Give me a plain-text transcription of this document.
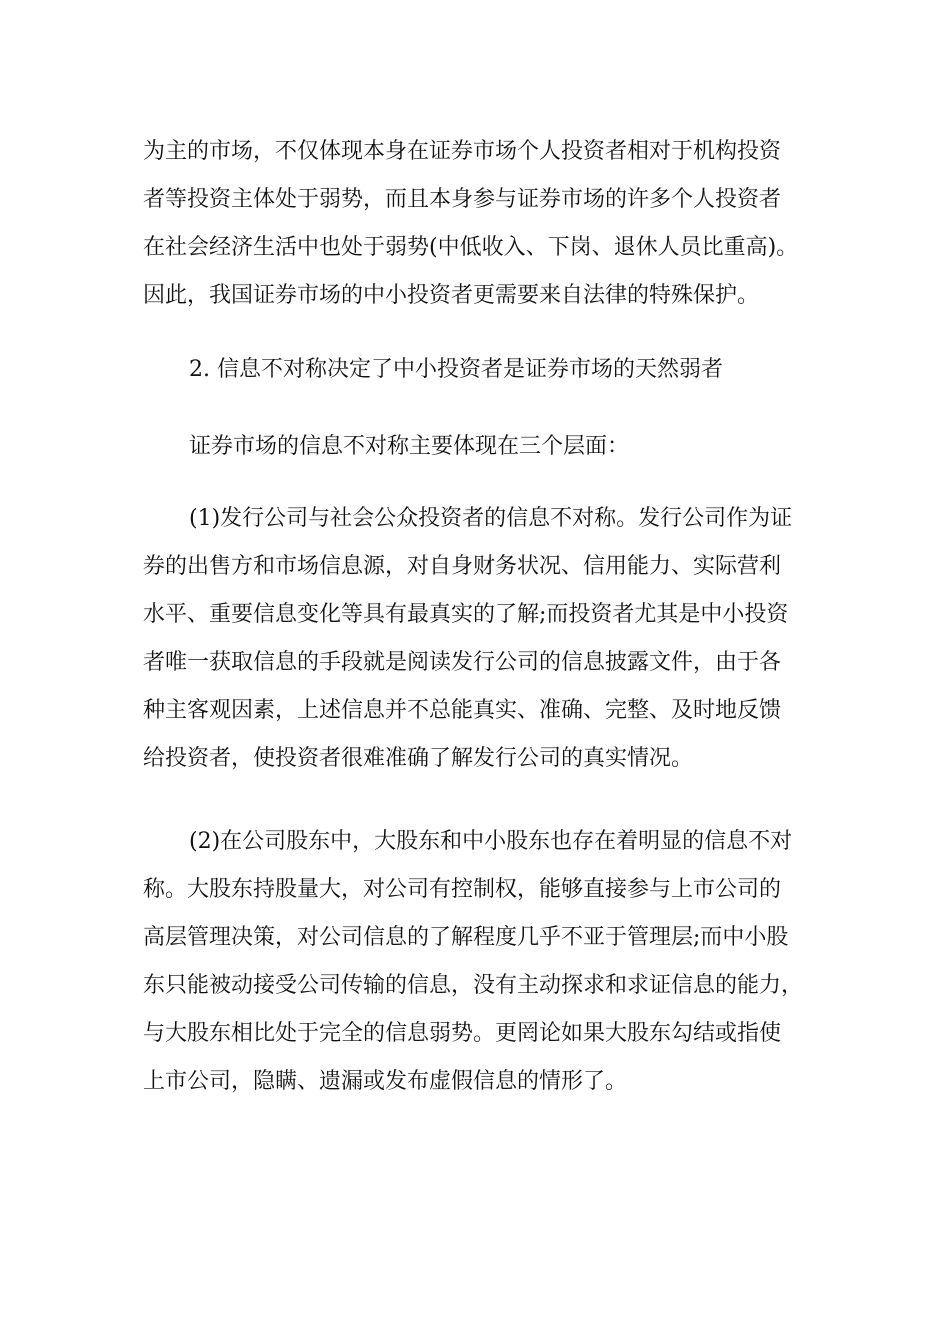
为主的市场，不仅体现本身在证券市场个人投资者相对于机构投资
者等投资主体处于弱势，而且本身参与证券市场的许多个人投资者
在社会经济生活中也处于弱势(中低收入、下岗、退休人员比重高)。
因此，我国证券市场的中小投资者更需要来自法律的特殊保护。
2. 信息不对称决定了中小投资者是证券市场的天然弱者
证券市场的信息不对称主要体现在三个层面：
(1)发行公司与社会公众投资者的信息不对称。发行公司作为证
券的出售方和市场信息源，对自身财务状况、信用能力、实际营利
水平、重要信息变化等具有最真实的了解;而投资者尤其是中小投资
者唯一获取信息的手段就是阅读发行公司的信息披露文件，由于各
种主客观因素，上述信息并不总能真实、准确、完整、及时地反馈
给投资者，使投资者很难准确了解发行公司的真实情况。
(2)在公司股东中，大股东和中小股东也存在着明显的信息不对
称。大股东持股量大，对公司有控制权，能够直接参与上市公司的
高层管理决策，对公司信息的了解程度几乎不亚于管理层;而中小股
东只能被动接受公司传输的信息，没有主动探求和求证信息的能力，
与大股东相比处于完全的信息弱势。更罔论如果大股东勾结或指使
上市公司，隐瞒、遗漏或发布虚假信息的情形了。
